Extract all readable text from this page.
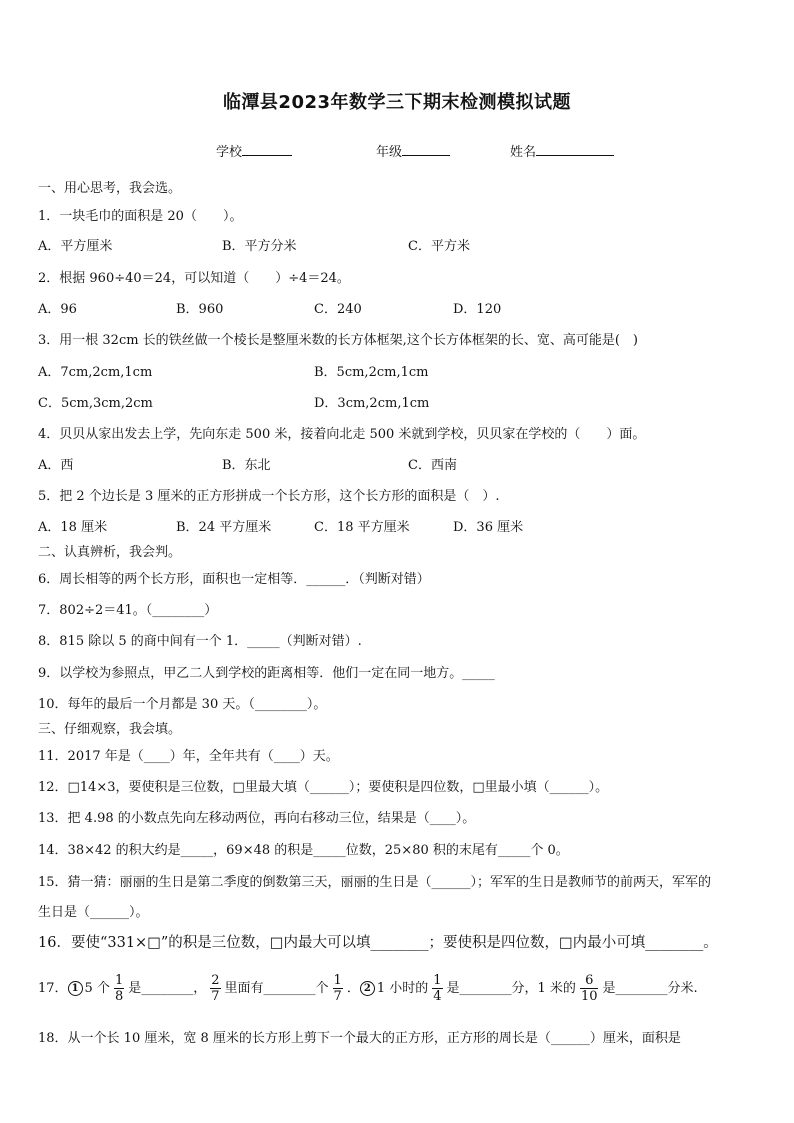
临潭县2023年数学三下期末检测模拟试题
学校	年级	姓名
一、用心思考，我会选。
1．一块毛巾的面积是 20（　　）。
A．平方厘米	B．平方分米	C．平方米
2．根据 960÷40＝24，可以知道（　　）÷4＝24。
A．96	B．960	C．240	D．120
3．用一根 32cm 长的铁丝做一个棱长是整厘米数的长方体框架,这个长方体框架的长、宽、高可能是(　)
A．7cm,2cm,1cm	B．5cm,2cm,1cm
C．5cm,3cm,2cm	D．3cm,2cm,1cm
4．贝贝从家出发去上学，先向东走 500 米，接着向北走 500 米就到学校，贝贝家在学校的（　　）面。
A．西	B．东北	C．西南
5．把 2 个边长是 3 厘米的正方形拼成一个长方形，这个长方形的面积是（　）.
A．18 厘米	B．24 平方厘米	C．18 平方厘米	D．36 厘米
二、认真辨析，我会判。
6．周长相等的两个长方形，面积也一定相等．______．（判断对错）
7．802÷2＝41。（________）
8．815 除以 5 的商中间有一个 1．_____（判断对错）.
9．以学校为参照点，甲乙二人到学校的距离相等．他们一定在同一地方。_____
10．每年的最后一个月都是 30 天。（________）。
三、仔细观察，我会填。
11．2017 年是（____）年，全年共有（____）天。
12．□14×3，要使积是三位数，□里最大填（______）；要使积是四位数，□里最小填（______）。
13．把 4.98 的小数点先向左移动两位，再向右移动三位，结果是（____）。
14．38×42 的积大约是_____，69×48 的积是_____位数，25×80 积的末尾有_____个 0。
15．猜一猜：丽丽的生日是第二季度的倒数第三天，丽丽的生日是（______）；军军的生日是教师节的前两天，军军的
生日是（______）。
16．要使“331×□”的积是三位数，□内最大可以填________；要使积是四位数，□内最小可填________。
17． 1 5 个 $\frac{1}{8}$ 是________， $\frac{2}{7}$ 里面有________个 $\frac{1}{7}$ ． 2 1 小时的 $\frac{1}{4}$ 是________分，1 米的 $\frac{6}{10}$ 是________分米.
18．从一个长 10 厘米，宽 8 厘米的长方形上剪下一个最大的正方形，正方形的周长是（______）厘米，面积是
